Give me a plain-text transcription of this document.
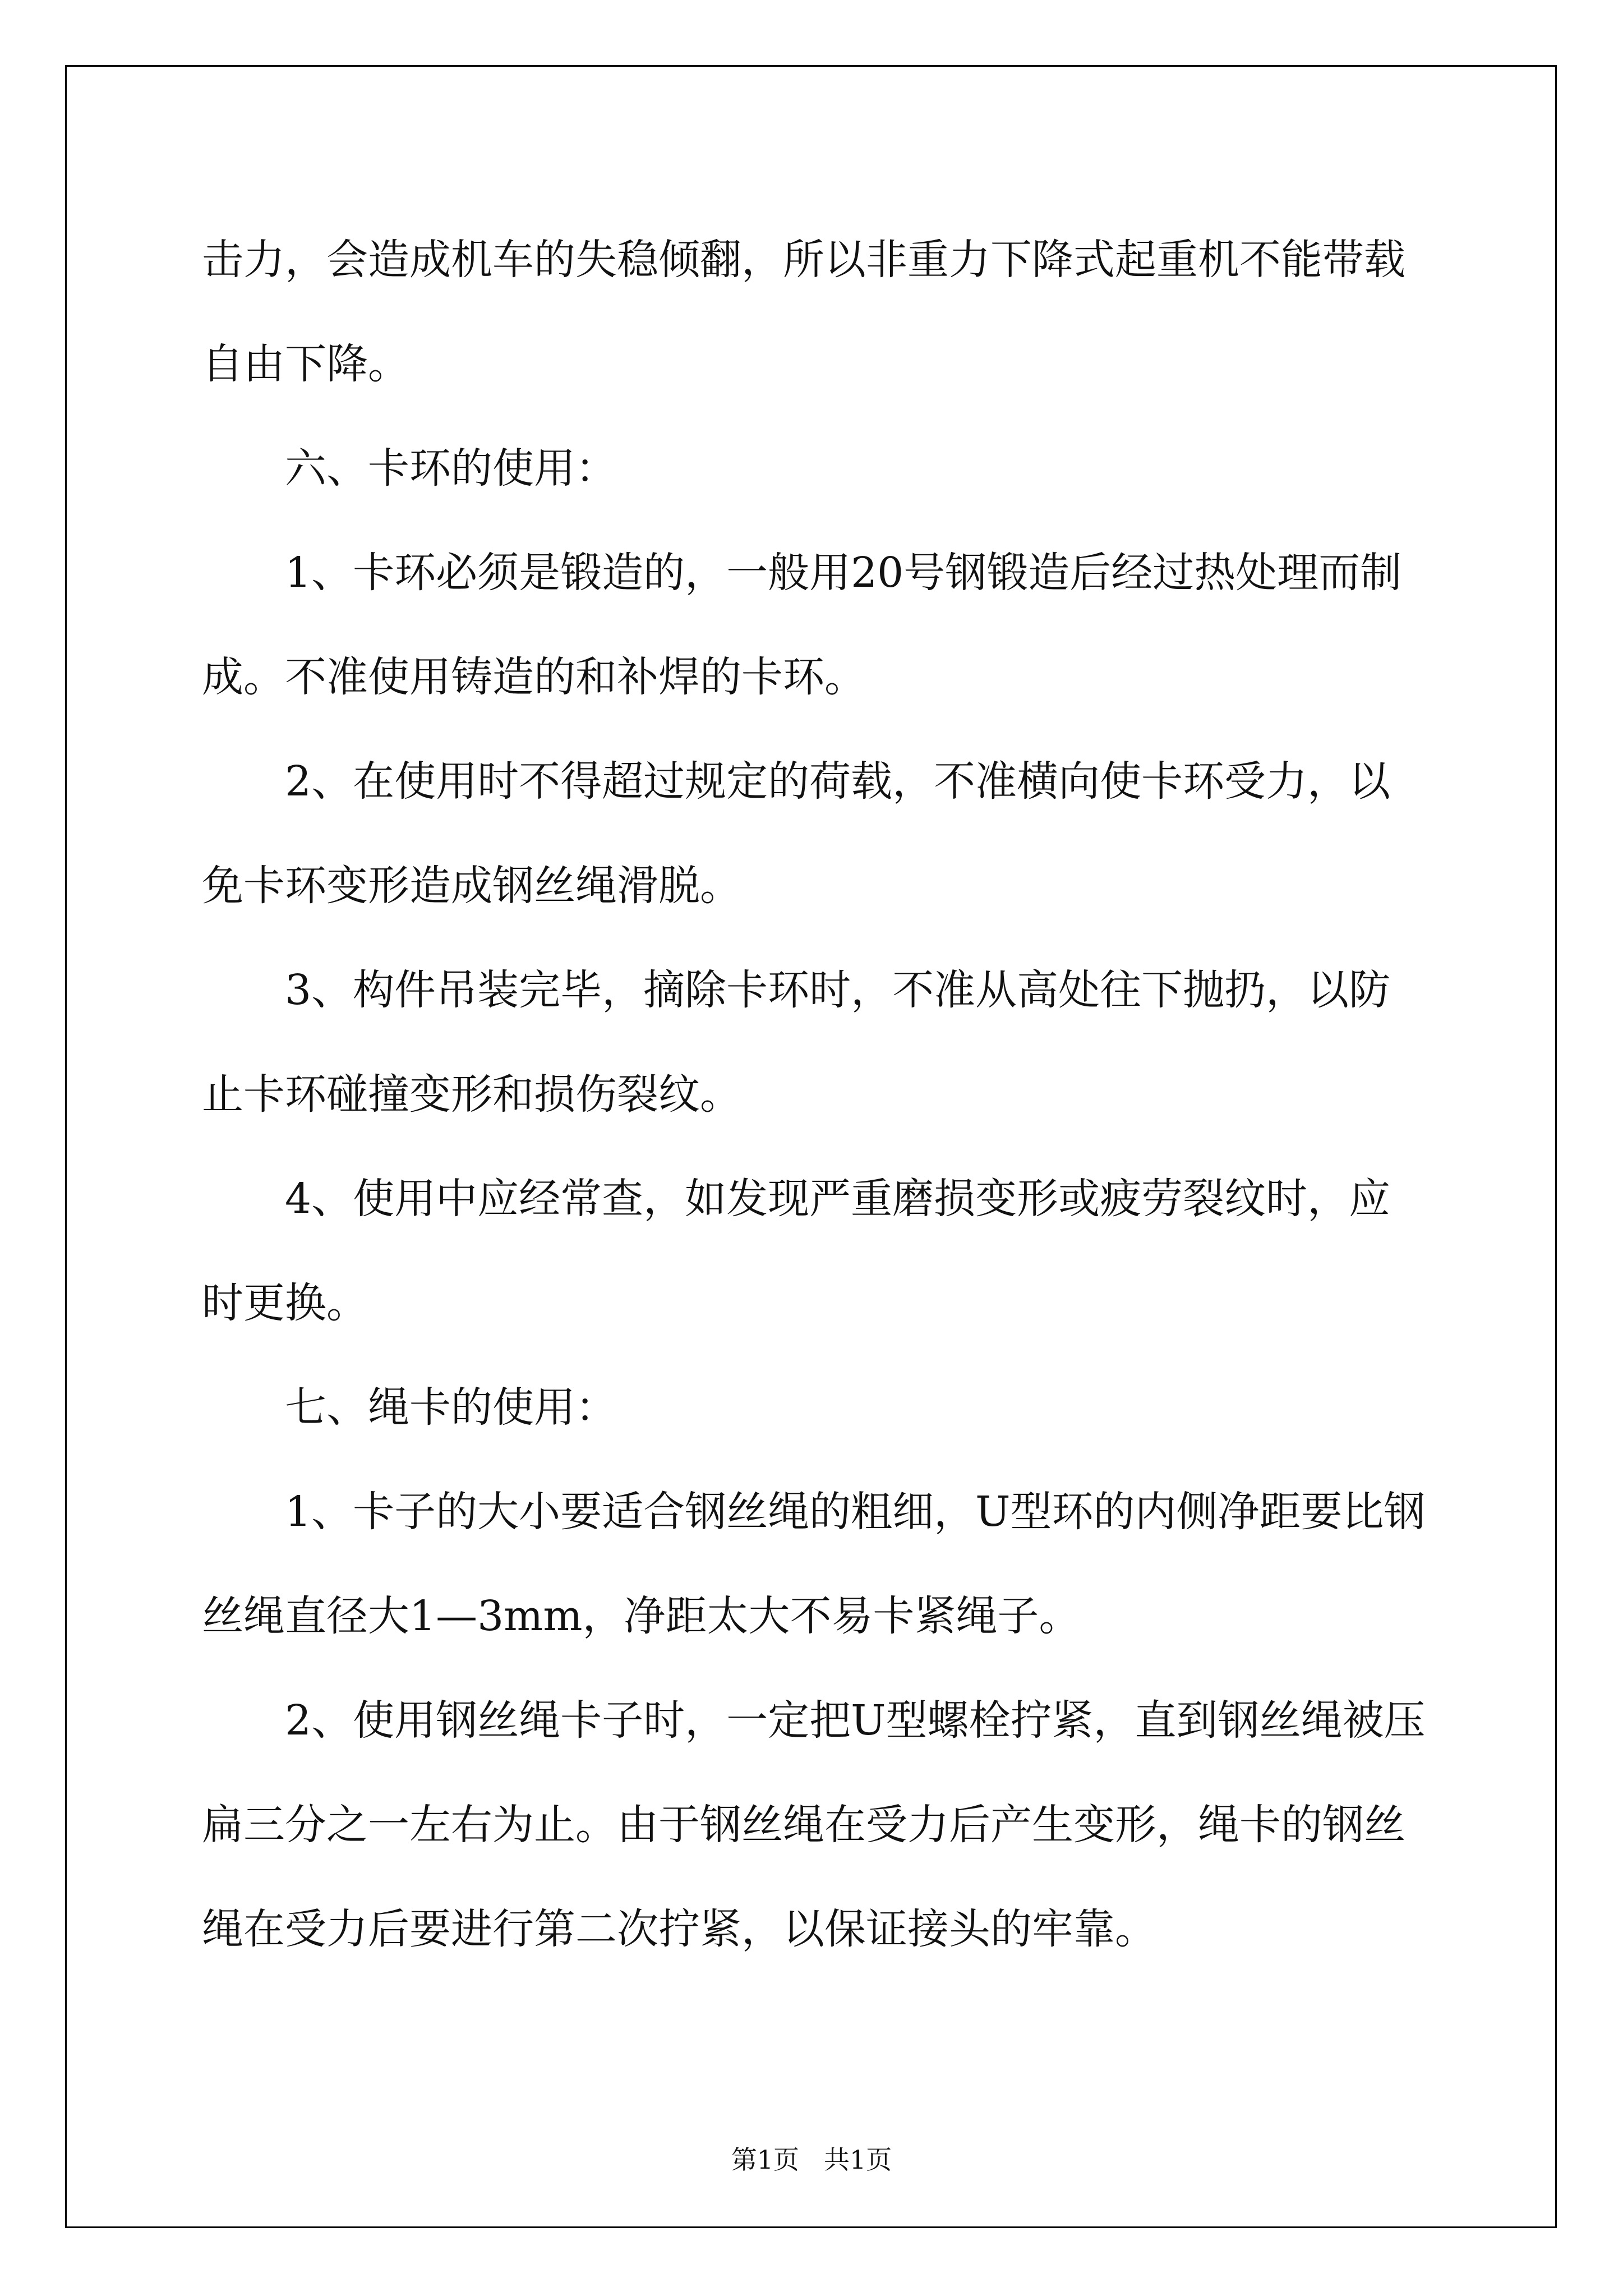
击力，会造成机车的失稳倾翻，所以非重力下降式起重机不能带载自由下降。

六、卡环的使用：

1、卡环必须是锻造的，一般用20号钢锻造后经过热处理而制成。不准使用铸造的和补焊的卡环。

2、在使用时不得超过规定的荷载，不准横向使卡环受力，以免卡环变形造成钢丝绳滑脱。

3、构件吊装完毕，摘除卡环时，不准从高处往下抛扔，以防止卡环碰撞变形和损伤裂纹。

4、使用中应经常查，如发现严重磨损变形或疲劳裂纹时，应时更换。

七、绳卡的使用：

1、卡子的大小要适合钢丝绳的粗细，U型环的内侧净距要比钢丝绳直径大1—3mm，净距太大不易卡紧绳子。

2、使用钢丝绳卡子时，一定把U型螺栓拧紧，直到钢丝绳被压扁三分之一左右为止。由于钢丝绳在受力后产生变形，绳卡的钢丝绳在受力后要进行第二次拧紧，以保证接头的牢靠。

第1页 共1页
